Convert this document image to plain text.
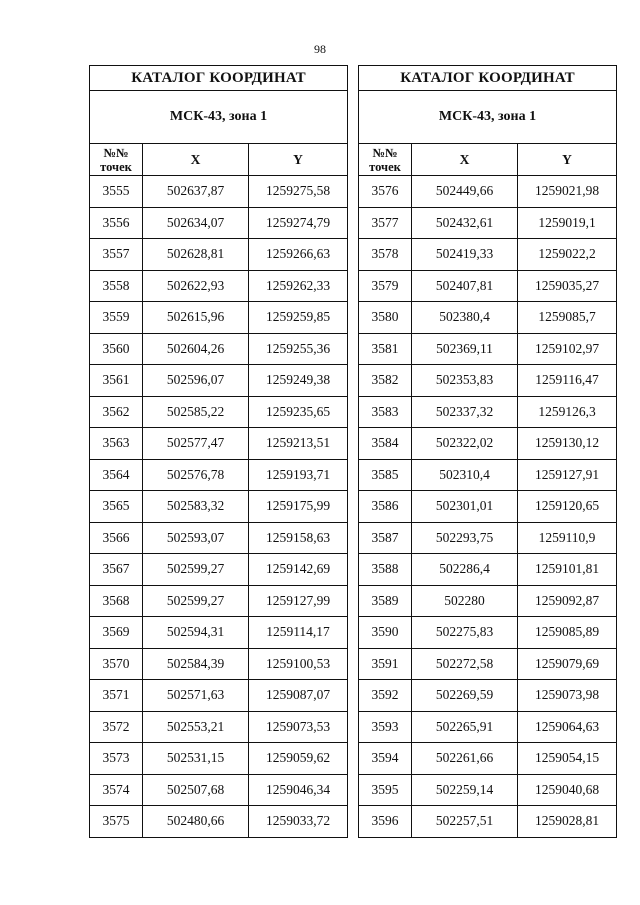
98
КАТАЛОГ КООРДИНАТ		
МСК-43, зона 1		
№№
точек	X	Y
3555	502637,87	1259275,58
3556	502634,07	1259274,79
3557	502628,81	1259266,63
3558	502622,93	1259262,33
3559	502615,96	1259259,85
3560	502604,26	1259255,36
3561	502596,07	1259249,38
3562	502585,22	1259235,65
3563	502577,47	1259213,51
3564	502576,78	1259193,71
3565	502583,32	1259175,99
3566	502593,07	1259158,63
3567	502599,27	1259142,69
3568	502599,27	1259127,99
3569	502594,31	1259114,17
3570	502584,39	1259100,53
3571	502571,63	1259087,07
3572	502553,21	1259073,53
3573	502531,15	1259059,62
3574	502507,68	1259046,34
3575	502480,66	1259033,72
КАТАЛОГ КООРДИНАТ		
МСК-43, зона 1		
№№
точек	X	Y
3576	502449,66	1259021,98
3577	502432,61	1259019,1
3578	502419,33	1259022,2
3579	502407,81	1259035,27
3580	502380,4	1259085,7
3581	502369,11	1259102,97
3582	502353,83	1259116,47
3583	502337,32	1259126,3
3584	502322,02	1259130,12
3585	502310,4	1259127,91
3586	502301,01	1259120,65
3587	502293,75	1259110,9
3588	502286,4	1259101,81
3589	502280	1259092,87
3590	502275,83	1259085,89
3591	502272,58	1259079,69
3592	502269,59	1259073,98
3593	502265,91	1259064,63
3594	502261,66	1259054,15
3595	502259,14	1259040,68
3596	502257,51	1259028,81
